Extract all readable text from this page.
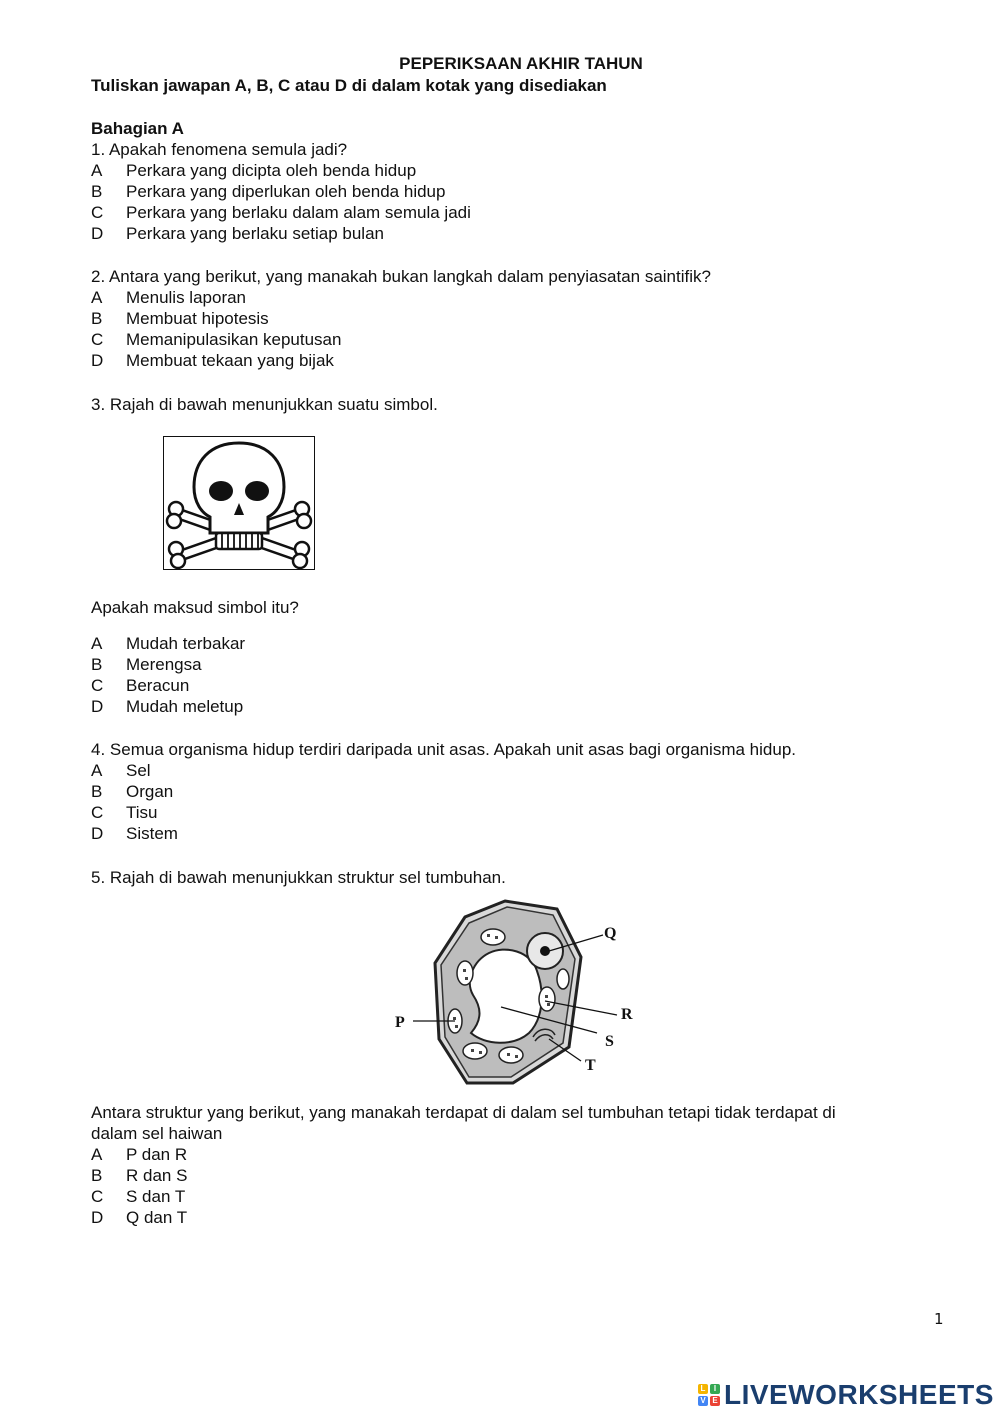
PEPERIKSAAN AKHIR TAHUN
Tuliskan jawapan A, B, C atau D di dalam kotak yang disediakan
Bahagian A
1. Apakah fenomena semula jadi?
A Perkara yang dicipta oleh benda hidup
B Perkara yang diperlukan oleh benda hidup
C Perkara yang berlaku dalam alam semula jadi
D Perkara yang berlaku setiap bulan
2. Antara yang berikut, yang manakah bukan langkah dalam penyiasatan saintifik?
A Menulis laporan
B Membuat hipotesis
C Memanipulasikan keputusan
D Membuat tekaan yang bijak
3. Rajah di bawah menunjukkan suatu simbol.
Apakah maksud simbol itu?
A Mudah terbakar
B Merengsa
C Beracun
D Mudah meletup
4. Semua organisma hidup terdiri daripada unit asas. Apakah unit asas bagi organisma hidup.
A Sel
B Organ
C Tisu
D Sistem
5. Rajah di bawah menunjukkan struktur sel tumbuhan.
Q
R
S
T
P
Antara struktur yang berikut, yang manakah terdapat di dalam sel tumbuhan tetapi tidak terdapat di
dalam sel haiwan
A P dan R
B R dan S
C S dan T
D Q dan T
1
L	I
V E LIVEWORKSHEETS
